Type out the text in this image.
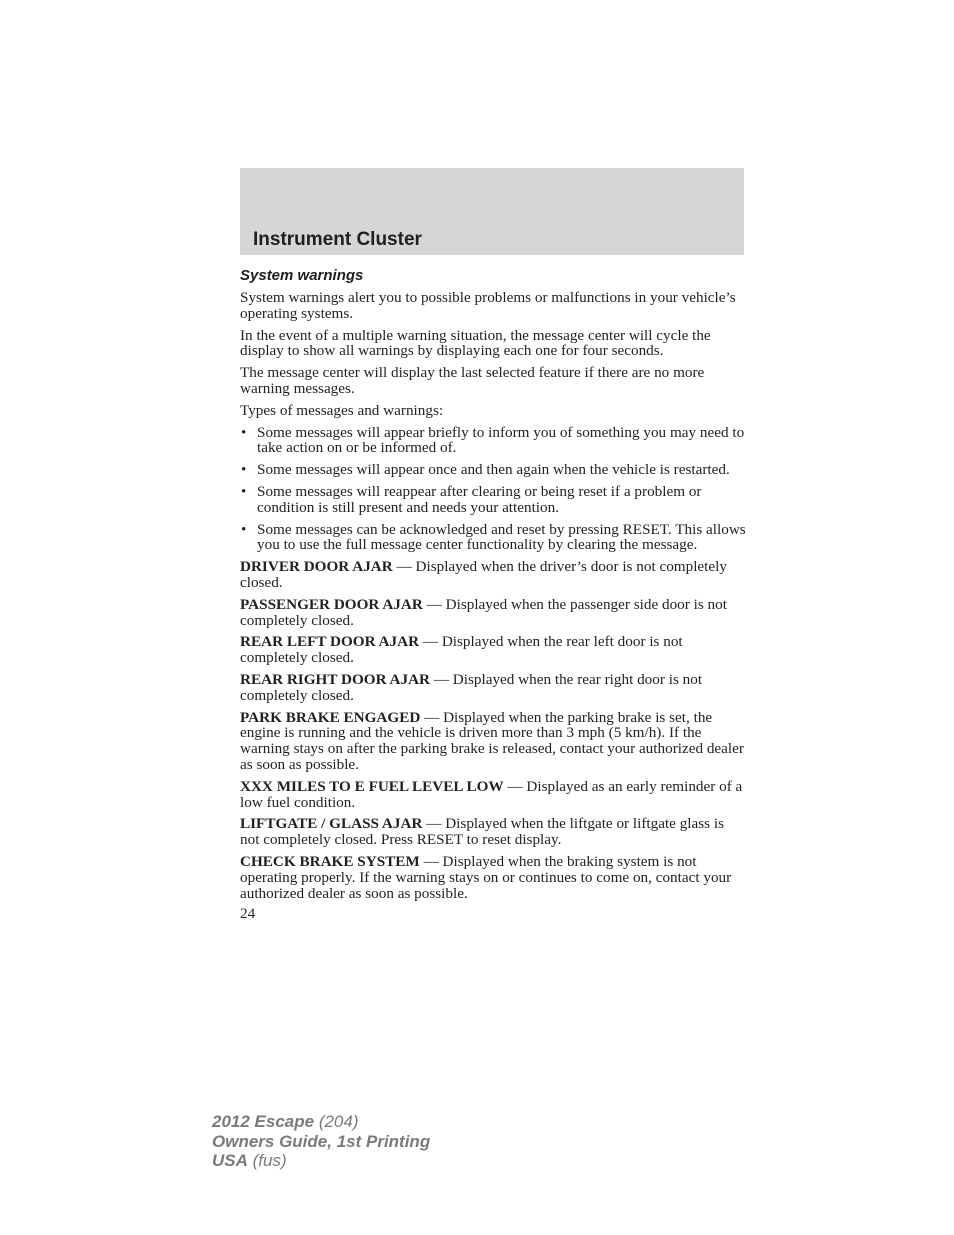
Instrument Cluster
System warnings

System warnings alert you to possible problems or malfunctions in your vehicle’s operating systems.

In the event of a multiple warning situation, the message center will cycle the display to show all warnings by displaying each one for four seconds.

The message center will display the last selected feature if there are no more warning messages.

Types of messages and warnings:

• Some messages will appear briefly to inform you of something you may need to take action on or be informed of.
• Some messages will appear once and then again when the vehicle is restarted.
• Some messages will reappear after clearing or being reset if a problem or condition is still present and needs your attention.
• Some messages can be acknowledged and reset by pressing RESET. This allows you to use the full message center functionality by clearing the message.

DRIVER DOOR AJAR — Displayed when the driver’s door is not completely closed.

PASSENGER DOOR AJAR — Displayed when the passenger side door is not completely closed.

REAR LEFT DOOR AJAR — Displayed when the rear left door is not completely closed.

REAR RIGHT DOOR AJAR — Displayed when the rear right door is not completely closed.

PARK BRAKE ENGAGED — Displayed when the parking brake is set, the engine is running and the vehicle is driven more than 3 mph (5 km/h). If the warning stays on after the parking brake is released, contact your authorized dealer as soon as possible.

XXX MILES TO E FUEL LEVEL LOW — Displayed as an early reminder of a low fuel condition.

LIFTGATE / GLASS AJAR — Displayed when the liftgate or liftgate glass is not completely closed. Press RESET to reset display.

CHECK BRAKE SYSTEM — Displayed when the braking system is not operating properly. If the warning stays on or continues to come on, contact your authorized dealer as soon as possible.

24
2012 Escape (204)
Owners Guide, 1st Printing
USA (fus)
